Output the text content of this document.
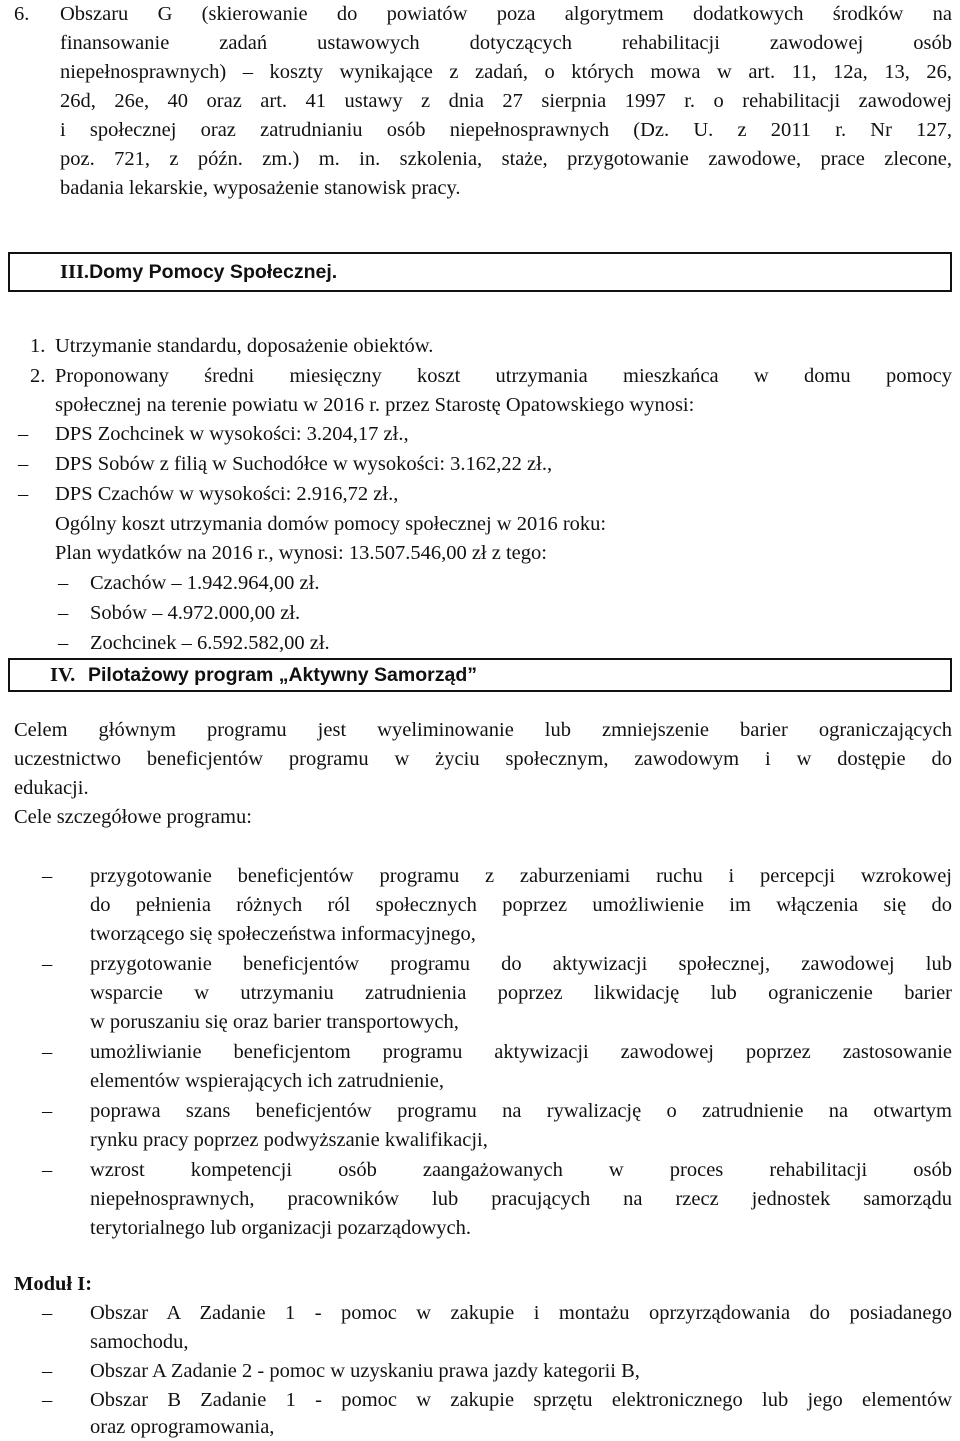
6. Obszaru G (skierowanie do powiatów poza algorytmem dodatkowych środków na
finansowanie zadań ustawowych dotyczących rehabilitacji zawodowej osób
niepełnosprawnych) – koszty wynikające z zadań, o których mowa w art. 11, 12a, 13, 26,
26d, 26e, 40 oraz art. 41 ustawy z dnia 27 sierpnia 1997 r. o rehabilitacji zawodowej
i społecznej oraz zatrudnianiu osób niepełnosprawnych (Dz. U. z 2011 r. Nr 127,
poz. 721, z późn. zm.) m. in. szkolenia, staże, przygotowanie zawodowe, prace zlecone,
badania lekarskie, wyposażenie stanowisk pracy.
III.Domy Pomocy Społecznej.
1. Utrzymanie standardu, doposażenie obiektów.
2. Proponowany średni miesięczny koszt utrzymania mieszkańca w domu pomocy
społecznej na terenie powiatu w 2016 r. przez Starostę Opatowskiego wynosi:
– DPS Zochcinek w wysokości: 3.204,17 zł.,
– DPS Sobów z filią w Suchodółce w wysokości: 3.162,22 zł.,
– DPS Czachów w wysokości: 2.916,72 zł.,
Ogólny koszt utrzymania domów pomocy społecznej w 2016 roku:
Plan wydatków na 2016 r., wynosi: 13.507.546,00 zł z tego:
– Czachów – 1.942.964,00 zł.
– Sobów – 4.972.000,00 zł.
– Zochcinek – 6.592.582,00 zł.
IV. Pilotażowy program „Aktywny Samorząd”
Celem głównym programu jest wyeliminowanie lub zmniejszenie barier ograniczających
uczestnictwo beneficjentów programu w życiu społecznym, zawodowym i w dostępie do
edukacji.
Cele szczegółowe programu:
– przygotowanie beneficjentów programu z zaburzeniami ruchu i percepcji wzrokowej
do pełnienia różnych ról społecznych poprzez umożliwienie im włączenia się do
tworzącego się społeczeństwa informacyjnego,
– przygotowanie beneficjentów programu do aktywizacji społecznej, zawodowej lub
wsparcie w utrzymaniu zatrudnienia poprzez likwidację lub ograniczenie barier
w poruszaniu się oraz barier transportowych,
– umożliwianie beneficjentom programu aktywizacji zawodowej poprzez zastosowanie
elementów wspierających ich zatrudnienie,
– poprawa szans beneficjentów programu na rywalizację o zatrudnienie na otwartym
rynku pracy poprzez podwyższanie kwalifikacji,
– wzrost kompetencji osób zaangażowanych w proces rehabilitacji osób
niepełnosprawnych, pracowników lub pracujących na rzecz jednostek samorządu
terytorialnego lub organizacji pozarządowych.
Moduł I:
– Obszar A Zadanie 1 - pomoc w zakupie i montażu oprzyrządowania do posiadanego
samochodu,
– Obszar A Zadanie 2 - pomoc w uzyskaniu prawa jazdy kategorii B,
– Obszar B Zadanie 1 - pomoc w zakupie sprzętu elektronicznego lub jego elementów
oraz oprogramowania,
